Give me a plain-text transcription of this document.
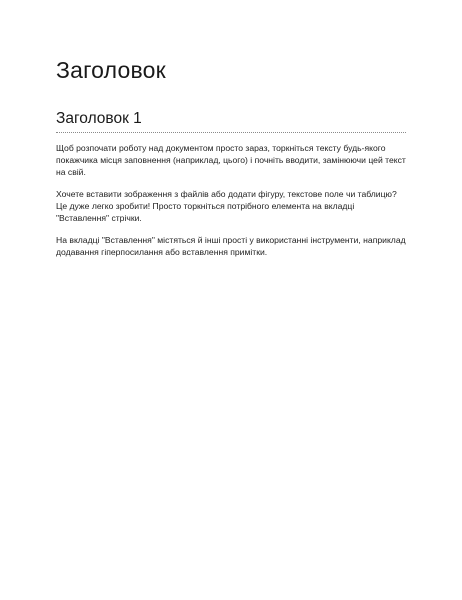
Заголовок
Заголовок 1

Щоб розпочати роботу над документом просто зараз, торкніться тексту будь-якого покажчика місця заповнення (наприклад, цього) і почніть вводити, замінюючи цей текст на свій.

Хочете вставити зображення з файлів або додати фігуру, текстове поле чи таблицю? Це дуже легко зробити! Просто торкніться потрібного елемента на вкладці "Вставлення" стрічки.

На вкладці "Вставлення" містяться й інші прості у використанні інструменти, наприклад додавання гіперпосилання або вставлення примітки.
